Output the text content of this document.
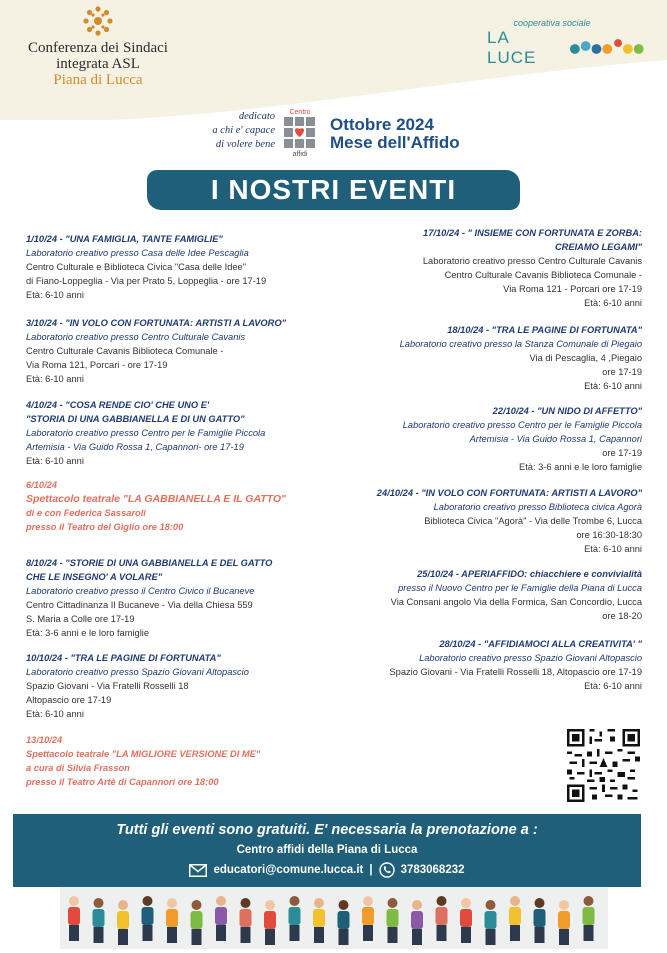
Conferenza dei Sindaci
integrata ASL
Piana di Lucca
cooperativa sociale
LA LUCE
dedicato
a chi e' capace
di volere bene
Centro
affidi
Ottobre 2024
Mese dell'Affido
I NOSTRI EVENTI
1/10/24 - "UNA FAMIGLIA, TANTE FAMIGLIE"
Laboratorio creativo presso Casa delle Idee Pescaglia
Centro Culturale e Biblioteca Civica "Casa delle Idee"
di Fiano-Loppeglia - Via per Prato 5, Loppeglia - ore 17-19
Età: 6-10 anni
3/10/24 - "IN VOLO CON FORTUNATA: ARTISTI A LAVORO"
Laboratorio creativo presso Centro Culturale Cavanis
Centro Culturale Cavanis Biblioteca Comunale -
Via Roma 121, Porcari - ore 17-19
Età: 6-10 anni
4/10/24 - "COSA RENDE CIO' CHE UNO E'
"STORIA DI UNA GABBIANELLA E DI UN GATTO"
Laboratorio creativo presso Centro per le Famiglie Piccola
Artemisia - Via Guido Rossa 1, Capannori- ore 17-19
Età: 6-10 anni
6/10/24
Spettacolo teatrale "LA GABBIANELLA E IL GATTO"
di e con Federica Sassaroli
presso il Teatro del Giglio ore 18:00
8/10/24 - "STORIE DI UNA GABBIANELLA E DEL GATTO
CHE LE INSEGNO' A VOLARE"
Laboratorio creativo presso il Centro Civico il Bucaneve
Centro Cittadinanza Il Bucaneve - Via della Chiesa 559
S. Maria a Colle ore 17-19
Età: 3-6 anni e le loro famiglie
10/10/24 - "TRA LE PAGINE DI FORTUNATA"
Laboratorio creativo presso Spazio Giovani Altopascio
Spazio Giovani - Via Fratelli Rosselli 18
Altopascio ore 17-19
Età: 6-10 anni
13/10/24
Spettacolo teatrale "LA MIGLIORE VERSIONE DI ME"
a cura di Silvia Frasson
presso il Teatro Artè di Capannori ore 18:00
17/10/24 - " INSIEME CON FORTUNATA E ZORBA:
CREIAMO LEGAMI"
Laboratorio creativo presso Centro Culturale Cavanis
Centro Culturale Cavanis Biblioteca Comunale -
Via Roma 121 - Porcari ore 17-19
Età: 6-10 anni
18/10/24 - "TRA LE PAGINE DI FORTUNATA"
Laboratorio creativo presso la Stanza Comunale di Piegaio
Via di Pescaglia, 4 ,Piegaio
ore 17-19
Età: 6-10 anni
22/10/24 - "UN NIDO DI AFFETTO"
Laboratorio creativo presso Centro per le Famiglie Piccola
Artemisia - Via Guido Rossa 1, Capannori
ore 17-19
Età: 3-6 anni e le loro famiglie
24/10/24 - "IN VOLO CON FORTUNATA: ARTISTI A LAVORO"
Laboratorio creativo presso Biblioteca civica Agorà
Biblioteca Civica "Agorà" - Via delle Trombe 6, Lucca
ore 16:30-18:30
Età: 6-10 anni
25/10/24 - APERIAFFIDO: chiacchiere e convivialità
presso il Nuovo Centro per le Famiglie della Piana di Lucca
Via Consani angolo Via della Formica, San Concordio, Lucca
ore 18-20
28/10/24 - "AFFIDIAMOCI ALLA CREATIVITA' "
Laboratorio creativo presso Spazio Giovani Altopascio
Spazio Giovani - Via Fratelli Rosselli 18, Altopascio ore 17-19
Età: 6-10 anni
Tutti gli eventi sono gratuiti. E' necessaria la prenotazione a :
Centro affidi della Piana di Lucca
educatori@comune.lucca.it | 3783068232
